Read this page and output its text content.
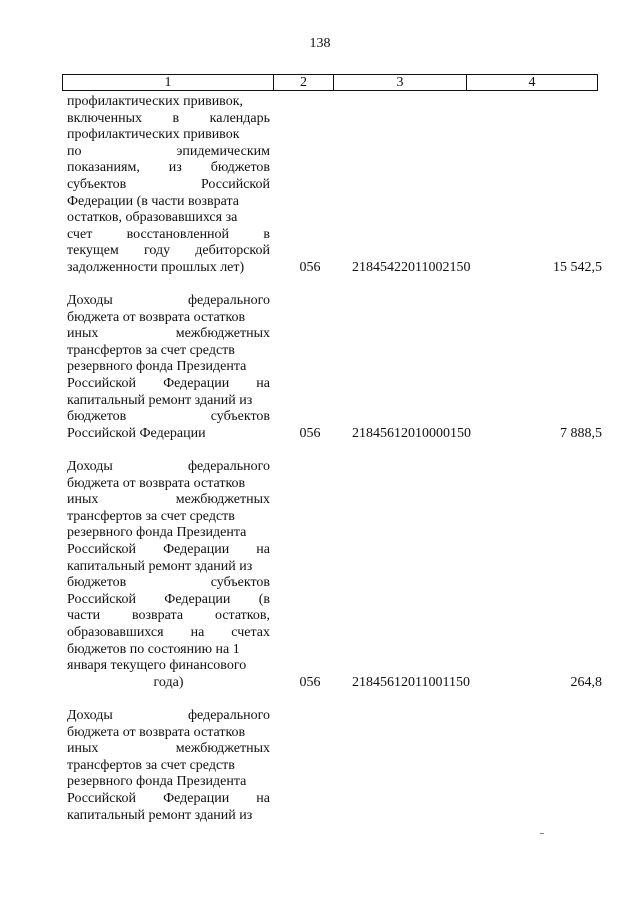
138
1	2	3	4
профилактических прививок,
включенных в календарь
профилактических прививок
по эпидемическим
показаниям, из бюджетов
субъектов Российской
Федерации (в части возврата
остатков, образовавшихся за
счет восстановленной в
текущем году дебиторской
задолженности прошлых лет)	056	21845422011002150	15 542,5
Доходы федерального
бюджета от возврата остатков
иных межбюджетных
трансфертов за счет средств
резервного фонда Президента
Российской Федерации на
капитальный ремонт зданий из
бюджетов субъектов
Российской Федерации	056	21845612010000150	7 888,5
Доходы федерального
бюджета от возврата остатков
иных межбюджетных
трансфертов за счет средств
резервного фонда Президента
Российской Федерации на
капитальный ремонт зданий из
бюджетов субъектов
Российской Федерации (в
части возврата остатков,
образовавшихся на счетах
бюджетов по состоянию на 1
января текущего финансового
года)	056	21845612011001150	264,8
Доходы федерального
бюджета от возврата остатков
иных межбюджетных
трансфертов за счет средств
резервного фонда Президента
Российской Федерации на
капитальный ремонт зданий из
